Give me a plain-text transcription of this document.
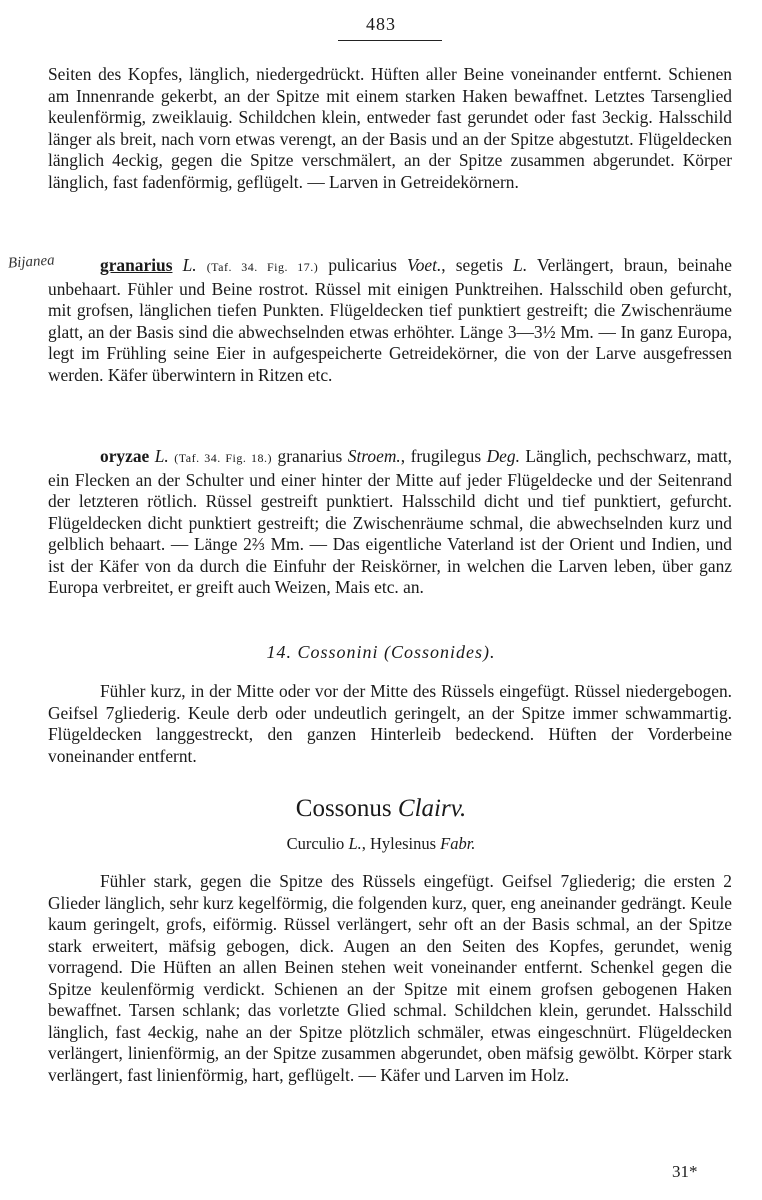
483

Seiten des Kopfes, länglich, niedergedrückt. Hüften aller Beine voneinander entfernt. Schienen am Innenrande gekerbt, an der Spitze mit einem starken Haken bewaffnet. Letztes Tarsenglied keulenförmig, zweiklauig. Schildchen klein, entweder fast gerundet oder fast 3eckig. Halsschild länger als breit, nach vorn etwas verengt, an der Basis und an der Spitze abgestutzt. Flügeldecken länglich 4eckig, gegen die Spitze verschmälert, an der Spitze zusammen abgerundet. Körper länglich, fast fadenförmig, geflügelt. — Larven in Getreidekörnern.

Bijanea	granarius L. (Taf. 34. Fig. 17.) pulicarius Voet., segetis L. Verlängert, braun, beinahe unbehaart. Fühler und Beine rostrot. Rüssel mit einigen Punktreihen. Halsschild oben gefurcht, mit grofsen, länglichen tiefen Punkten. Flügeldecken tief punktiert gestreift; die Zwischenräume glatt, an der Basis sind die abwechselnden etwas erhöhter. Länge 3—3½ Mm. — In ganz Europa, legt im Frühling seine Eier in aufgespeicherte Getreidekörner, die von der Larve ausgefressen werden. Käfer überwintern in Ritzen etc.

oryzae L. (Taf. 34. Fig. 18.) granarius Stroem., frugilegus Deg. Länglich, pechschwarz, matt, ein Flecken an der Schulter und einer hinter der Mitte auf jeder Flügeldecke und der Seitenrand der letzteren rötlich. Rüssel gestreift punktiert. Halsschild dicht und tief punktiert, gefurcht. Flügeldecken dicht punktiert gestreift; die Zwischenräume schmal, die abwechselnden kurz und gelblich behaart. — Länge 2⅔ Mm. — Das eigentliche Vaterland ist der Orient und Indien, und ist der Käfer von da durch die Einfuhr der Reiskörner, in welchen die Larven leben, über ganz Europa verbreitet, er greift auch Weizen, Mais etc. an.

14. Cossonini (Cossonides).

Fühler kurz, in der Mitte oder vor der Mitte des Rüssels eingefügt. Rüssel niedergebogen. Geifsel 7gliederig. Keule derb oder undeutlich geringelt, an der Spitze immer schwammartig. Flügeldecken langgestreckt, den ganzen Hinterleib bedeckend. Hüften der Vorderbeine voneinander entfernt.

Cossonus Clairv.
Curculio L., Hylesinus Fabr.

Fühler stark, gegen die Spitze des Rüssels eingefügt. Geifsel 7gliederig; die ersten 2 Glieder länglich, sehr kurz kegelförmig, die folgenden kurz, quer, eng aneinander gedrängt. Keule kaum geringelt, grofs, eiförmig. Rüssel verlängert, sehr oft an der Basis schmal, an der Spitze stark erweitert, mäfsig gebogen, dick. Augen an den Seiten des Kopfes, gerundet, wenig vorragend. Die Hüften an allen Beinen stehen weit voneinander entfernt. Schenkel gegen die Spitze keulenförmig verdickt. Schienen an der Spitze mit einem grofsen gebogenen Haken bewaffnet. Tarsen schlank; das vorletzte Glied schmal. Schildchen klein, gerundet. Halsschild länglich, fast 4eckig, nahe an der Spitze plötzlich schmäler, etwas eingeschnürt. Flügeldecken verlängert, linienförmig, an der Spitze zusammen abgerundet, oben mäfsig gewölbt. Körper stark verlängert, fast linienförmig, hart, geflügelt. — Käfer und Larven im Holz.

31*
